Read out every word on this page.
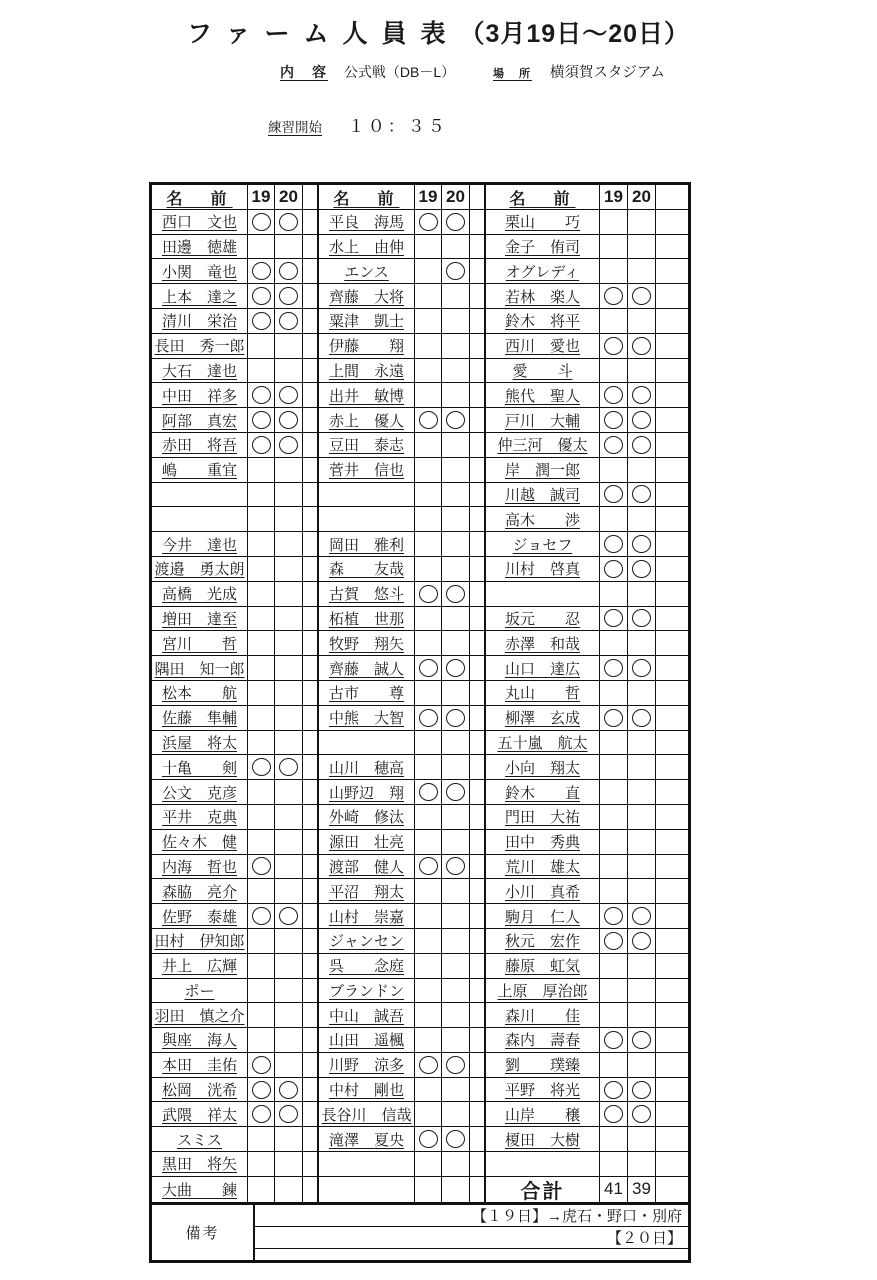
ファーム人員表（3月19日～20日）
内　容 公式戦（DB－L）	場　所 横須賀スタジアム
練習開始 １０：３５
名　前 19 20
西口　文也
田邊　徳雄
小関　竜也
上本　達之
清川　栄治
長田　秀一郎
大石　達也
中田　祥多
阿部　真宏
赤田　将吾
嶋　　重宜
今井　達也
渡邉　勇太朗
高橋　光成
増田　達至
宮川　　哲
隅田　知一郎
松本　　航
佐藤　隼輔
浜屋　将太
十亀　　剣
公文　克彦
平井　克典
佐々木　健
内海　哲也
森脇　亮介
佐野　泰雄
田村　伊知郎
井上　広輝
ポー
羽田　慎之介
與座　海人
本田　圭佑
松岡　洸希
武隈　祥太
スミス
黒田　将矢
大曲　　錬
名　前 19 20
平良　海馬
水上　由伸
エンス
齊藤　大将
粟津　凱士
伊藤　　翔
上間　永遠
出井　敏博
赤上　優人
豆田　泰志
菅井　信也
岡田　雅利
森　　友哉
古賀　悠斗
柘植　世那
牧野　翔矢
齊藤　誠人
古市　　尊
中熊　大智
山川　穂高
山野辺　翔
外崎　修汰
源田　壮亮
渡部　健人
平沼　翔太
山村　崇嘉
ジャンセン
呉　　念庭
ブランドン
中山　誠吾
山田　遥楓
川野　涼多
中村　剛也
長谷川　信哉
滝澤　夏央
名　前 19 20
栗山　　巧
金子　侑司
オグレディ
若林　楽人
鈴木　将平
西川　愛也
愛　　斗
熊代　聖人
戸川　大輔
仲三河　優太
岸　潤一郎
川越　誠司
高木　　渉
ジョセフ
川村　啓真
坂元　　忍
赤澤　和哉
山口　達広
丸山　　哲
柳澤　玄成
五十嵐　航太
小向　翔太
鈴木　　直
門田　大祐
田中　秀典
荒川　雄太
小川　真希
駒月　仁人
秋元　宏作
藤原　虹気
上原　厚治郎
森川　　佳
森内　壽春
劉　　璞臻
平野　将光
山岸　　穣
榎田　大樹
合計 41 39
備考
【１９日】→虎石・野口・別府
【２０日】
